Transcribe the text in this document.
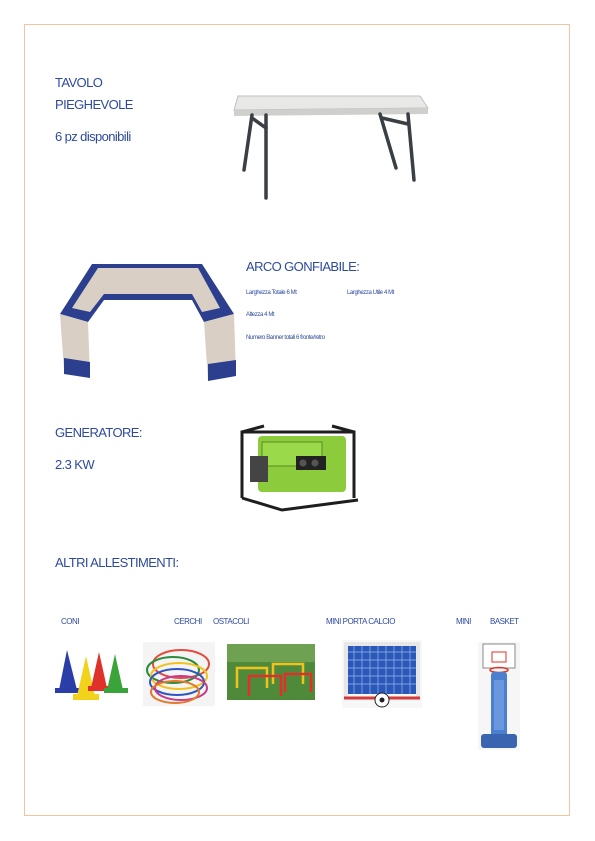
TAVOLO
PIEGHEVOLE
6 pz disponibili
ARCO GONFIABILE:
Larghezza Totale 6 Mt	Larghezza Utile 4 Mt
Altezza 4 Mt
Numero Banner totali 6 fronte/retro
GENERATORE:
2.3 KW
ALTRI ALLESTIMENTI:
CONI	CERCHI OSTACOLI	MINI PORTA CALCIO	MINI BASKET
